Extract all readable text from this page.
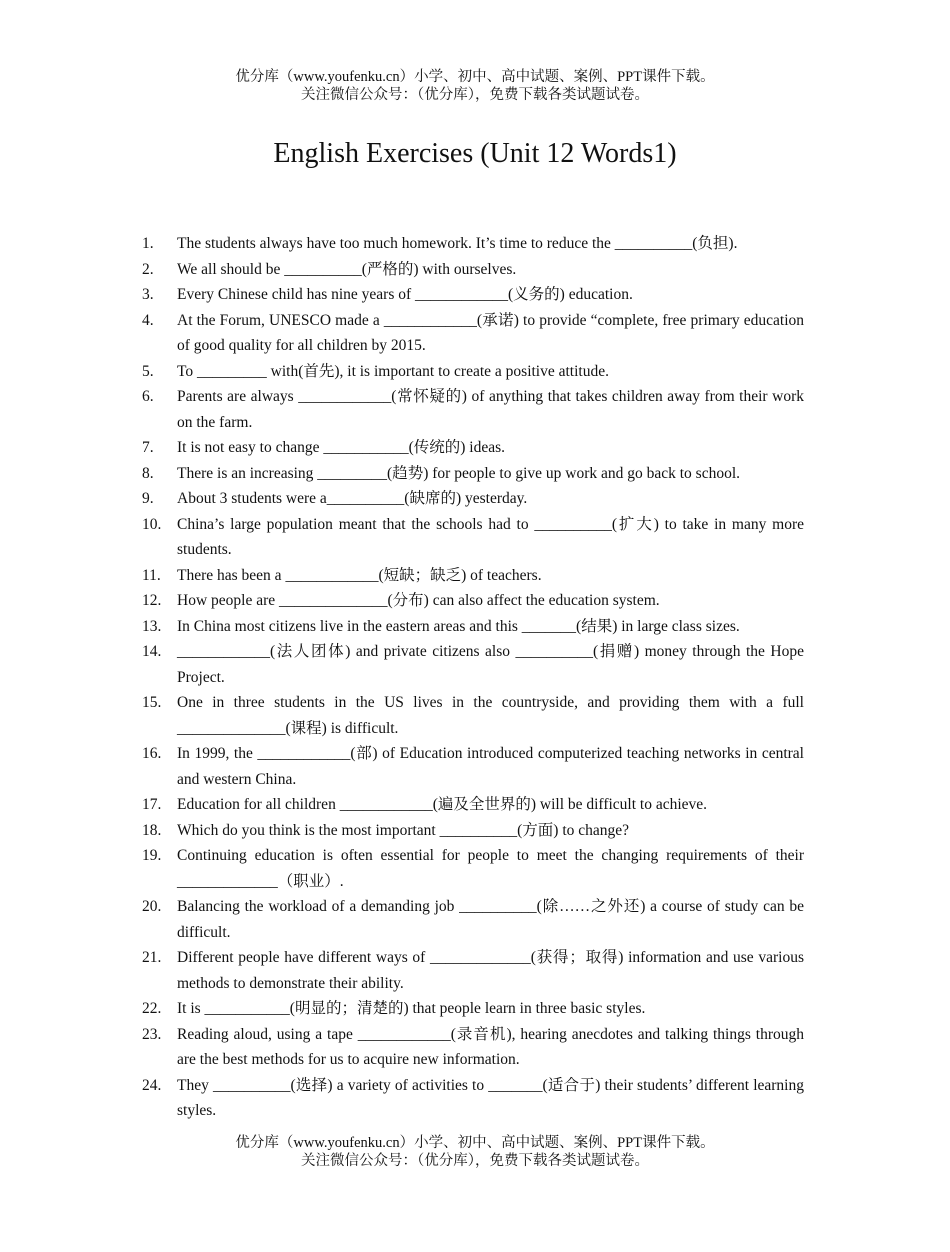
优分库（www.youfenku.cn）小学、初中、高中试题、案例、PPT课件下载。
关注微信公众号：（优分库），免费下载各类试题试卷。
English Exercises (Unit 12 Words1)
1.	The students always have too much homework. It’s time to reduce the __________(负担).
2.	We all should be __________(严格的) with ourselves.
3.	Every Chinese child has nine years of ____________(义务的) education.
4.	At the Forum, UNESCO made a ____________(承诺) to provide “complete, free primary education of good quality for all children by 2015.
5.	To _________ with(首先), it is important to create a positive attitude.
6.	Parents are always ____________(常怀疑的) of anything that takes children away from their work on the farm.
7.	It is not easy to change ___________(传统的) ideas.
8.	There is an increasing _________(趋势) for people to give up work and go back to school.
9.	About 3 students were a__________(缺席的) yesterday.
10.	China’s large population meant that the schools had to __________(扩大) to take in many more students.
11.	There has been a ____________(短缺；缺乏) of teachers.
12.	How people are ______________(分布) can also affect the education system.
13.	In China most citizens live in the eastern areas and this _______(结果) in large class sizes.
14.	____________(法人团体) and private citizens also __________(捐赠) money through the Hope Project.
15.	One in three students in the US lives in the countryside, and providing them with a full ______________(课程) is difficult.
16.	In 1999, the ____________(部) of Education introduced computerized teaching networks in central and western China.
17.	Education for all children ____________(遍及全世界的) will be difficult to achieve.
18.	Which do you think is the most important __________(方面) to change?
19.	Continuing education is often essential for people to meet the changing requirements of their _____________（职业）.
20.	Balancing the workload of a demanding job __________(除……之外还) a course of study can be difficult.
21.	Different people have different ways of _____________(获得；取得) information and use various methods to demonstrate their ability.
22.	It is ___________(明显的；清楚的) that people learn in three basic styles.
23.	Reading aloud, using a tape ____________(录音机), hearing anecdotes and talking things through are the best methods for us to acquire new information.
24.	They __________(选择) a variety of activities to _______(适合于) their students’ different learning styles.
优分库（www.youfenku.cn）小学、初中、高中试题、案例、PPT课件下载。
关注微信公众号：（优分库），免费下载各类试题试卷。
